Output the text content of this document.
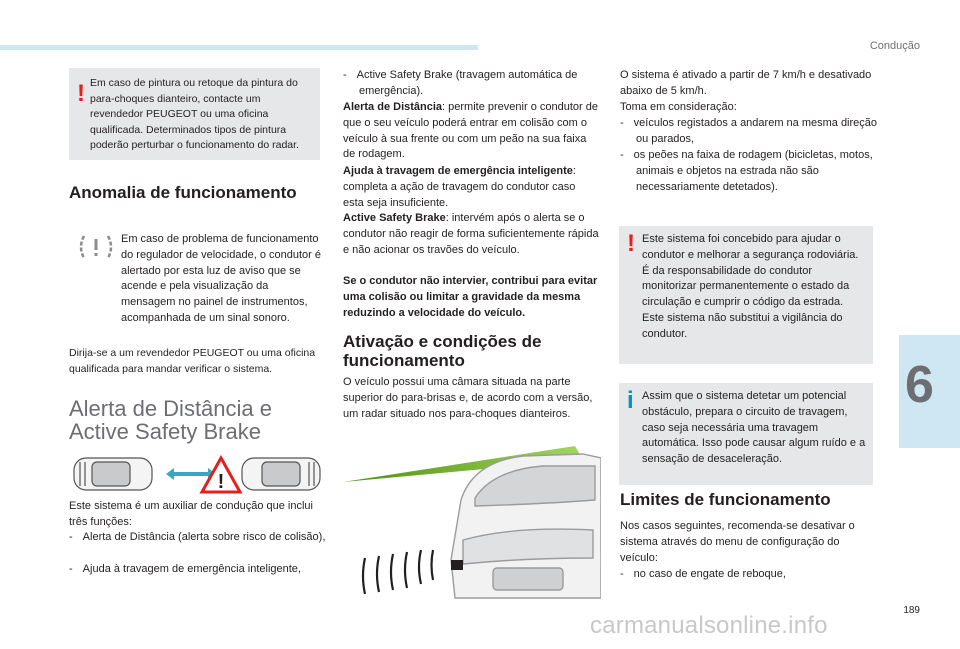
Condução
6
189
! Em caso de pintura ou retoque da pintura do para-choques dianteiro, contacte um revendedor PEUGEOT ou uma oficina qualificada. Determinados tipos de pintura poderão perturbar o funcionamento do radar.

Anomalia de funcionamento

Em caso de problema de funcionamento do regulador de velocidade, o condutor é alertado por esta luz de aviso que se acende e pela visualização da mensagem no painel de instrumentos, acompanhada de um sinal sonoro.

Dirija-se a um revendedor PEUGEOT ou uma oficina qualificada para mandar verificar o sistema.

Alerta de Distância e
Active Safety Brake
!

Este sistema é um auxiliar de condução que inclui três funções:

- Alerta de Distância (alerta sobre risco de colisão),

- Ajuda à travagem de emergência inteligente,

- Active Safety Brake (travagem automática de emergência).

Alerta de Distância: permite prevenir o condutor de que o seu veículo poderá entrar em colisão com o veículo à sua frente ou com um peão na sua faixa de rodagem.

Ajuda à travagem de emergência inteligente: completa a ação de travagem do condutor caso esta seja insuficiente.

Active Safety Brake: intervém após o alerta se o condutor não reagir de forma suficientemente rápida e não acionar os travões do veículo.

Se o condutor não intervier, contribui para evitar uma colisão ou limitar a gravidade da mesma reduzindo a velocidade do veículo.

Ativação e condições de
funcionamento

O veículo possui uma câmara situada na parte superior do para-brisas e, de acordo com a versão, um radar situado nos para-choques dianteiros.

O sistema é ativado a partir de 7 km/h e desativado abaixo de 5 km/h.

Toma em consideração:

- veículos registados a andarem na mesma direção ou parados,

- os peões na faixa de rodagem (bicicletas, motos, animais e objetos na estrada não são necessariamente detetados).

! Este sistema foi concebido para ajudar o condutor e melhorar a segurança rodoviária.

É da responsabilidade do condutor monitorizar permanentemente o estado da circulação e cumprir o código da estrada.

Este sistema não substitui a vigilância do condutor.

i Assim que o sistema detetar um potencial obstáculo, prepara o circuito de travagem, caso seja necessária uma travagem automática. Isso pode causar algum ruído e a sensação de desaceleração.

Limites de funcionamento

Nos casos seguintes, recomenda-se desativar o sistema através do menu de configuração do veículo:

- no caso de engate de reboque,

carmanualsonline.info
